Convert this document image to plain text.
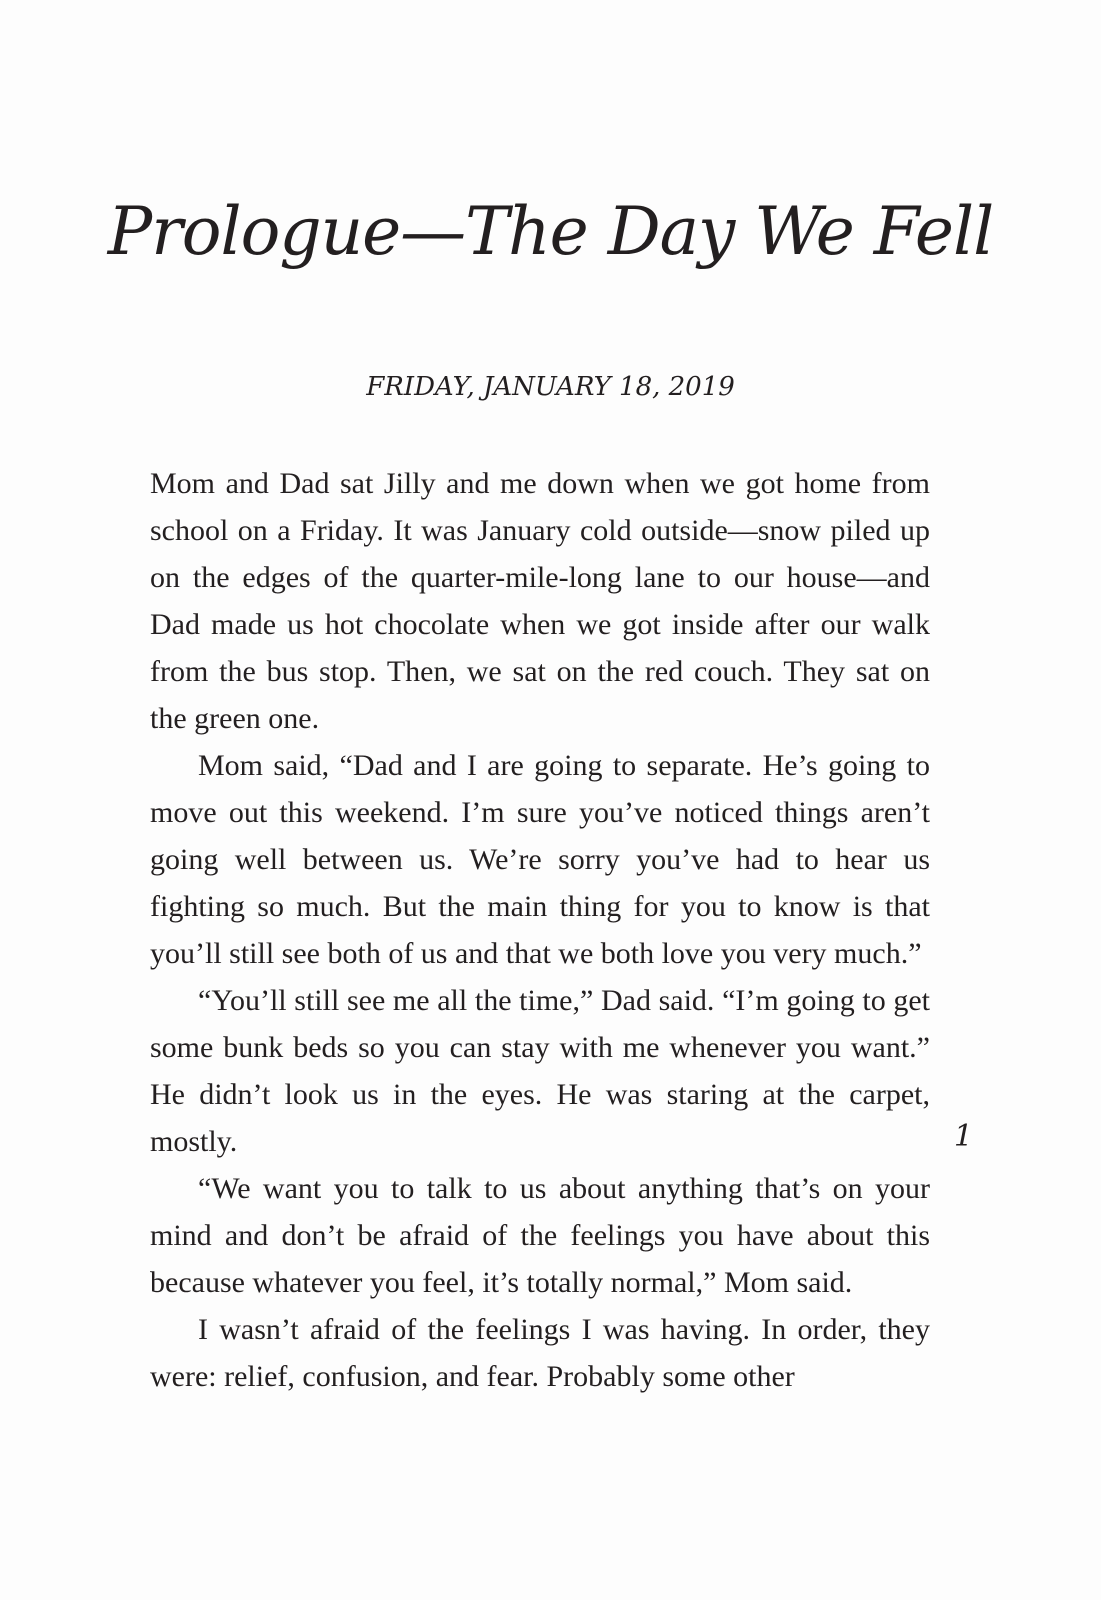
Prologue—The Day We Fell
FRIDAY, JANUARY 18, 2019

Mom and Dad sat Jilly and me down when we got home from school on a Friday. It was January cold outside—snow piled up on the edges of the quarter-mile-long lane to our house—and Dad made us hot chocolate when we got inside after our walk from the bus stop. Then, we sat on the red couch. They sat on the green one.

Mom said, “Dad and I are going to separate. He’s going to move out this weekend. I’m sure you’ve noticed things aren’t going well between us. We’re sorry you’ve had to hear us fighting so much. But the main thing for you to know is that you’ll still see both of us and that we both love you very much.”

“You’ll still see me all the time,” Dad said. “I’m going to get some bunk beds so you can stay with me whenever you want.” He didn’t look us in the eyes. He was staring at the carpet, mostly.

“We want you to talk to us about anything that’s on your mind and don’t be afraid of the feelings you have about this because whatever you feel, it’s totally normal,” Mom said.

I wasn’t afraid of the feelings I was having. In order, they were: relief, confusion, and fear. Probably some other

1
